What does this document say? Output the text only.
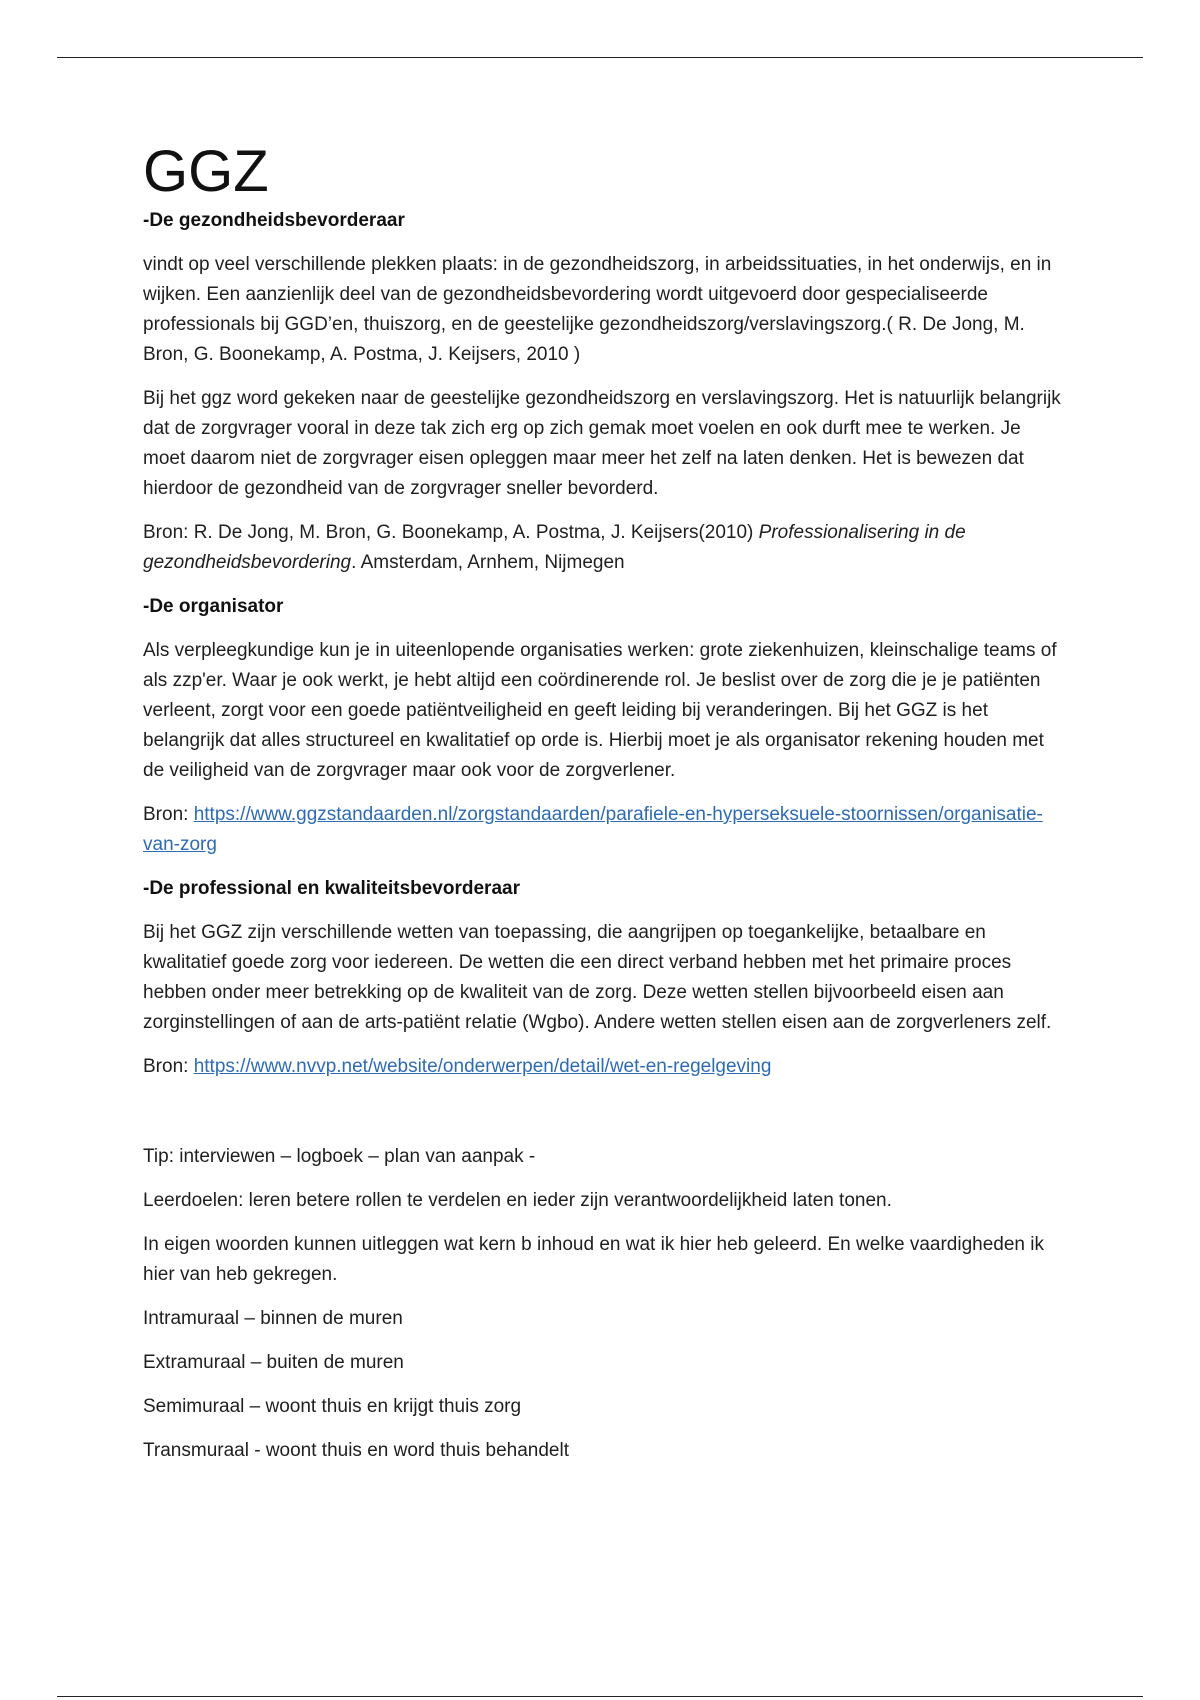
GGZ
-De gezondheidsbevorderaar

vindt op veel verschillende plekken plaats: in de gezondheidszorg, in arbeidssituaties, in het onderwijs, en in wijken. Een aanzienlijk deel van de gezondheidsbevordering wordt uitgevoerd door gespecialiseerde professionals bij GGD’en, thuiszorg, en de geestelijke gezondheidszorg/verslavingszorg.( R. De Jong, M. Bron, G. Boonekamp, A. Postma, J. Keijsers, 2010 )

Bij het ggz word gekeken naar de geestelijke gezondheidszorg en verslavingszorg. Het is natuurlijk belangrijk dat de zorgvrager vooral in deze tak zich erg op zich gemak moet voelen en ook durft mee te werken. Je moet daarom niet de zorgvrager eisen opleggen maar meer het zelf na laten denken. Het is bewezen dat hierdoor de gezondheid van de zorgvrager sneller bevorderd.

Bron: R. De Jong, M. Bron, G. Boonekamp, A. Postma, J. Keijsers(2010) Professionalisering in de gezondheidsbevordering. Amsterdam, Arnhem, Nijmegen

-De organisator

Als verpleegkundige kun je in uiteenlopende organisaties werken: grote ziekenhuizen, kleinschalige teams of als zzp'er. Waar je ook werkt, je hebt altijd een coördinerende rol. Je beslist over de zorg die je je patiënten verleent, zorgt voor een goede patiëntveiligheid en geeft leiding bij veranderingen. Bij het GGZ is het belangrijk dat alles structureel en kwalitatief op orde is. Hierbij moet je als organisator rekening houden met de veiligheid van de zorgvrager maar ook voor de zorgverlener.

Bron: https://www.ggzstandaarden.nl/zorgstandaarden/parafiele-en-hyperseksuele-stoornissen/organisatie-van-zorg

-De professional en kwaliteitsbevorderaar

Bij het GGZ zijn verschillende wetten van toepassing, die aangrijpen op toegankelijke, betaalbare en kwalitatief goede zorg voor iedereen. De wetten die een direct verband hebben met het primaire proces hebben onder meer betrekking op de kwaliteit van de zorg. Deze wetten stellen bijvoorbeeld eisen aan zorginstellingen of aan de arts-patiënt relatie (Wgbo). Andere wetten stellen eisen aan de zorgverleners zelf.

Bron: https://www.nvvp.net/website/onderwerpen/detail/wet-en-regelgeving

Tip: interviewen – logboek – plan van aanpak -

Leerdoelen: leren betere rollen te verdelen en ieder zijn verantwoordelijkheid laten tonen.

In eigen woorden kunnen uitleggen wat kern b inhoud en wat ik hier heb geleerd. En welke vaardigheden ik hier van heb gekregen.

Intramuraal – binnen de muren

Extramuraal – buiten de muren

Semimuraal – woont thuis en krijgt thuis zorg

Transmuraal - woont thuis en word thuis behandelt
